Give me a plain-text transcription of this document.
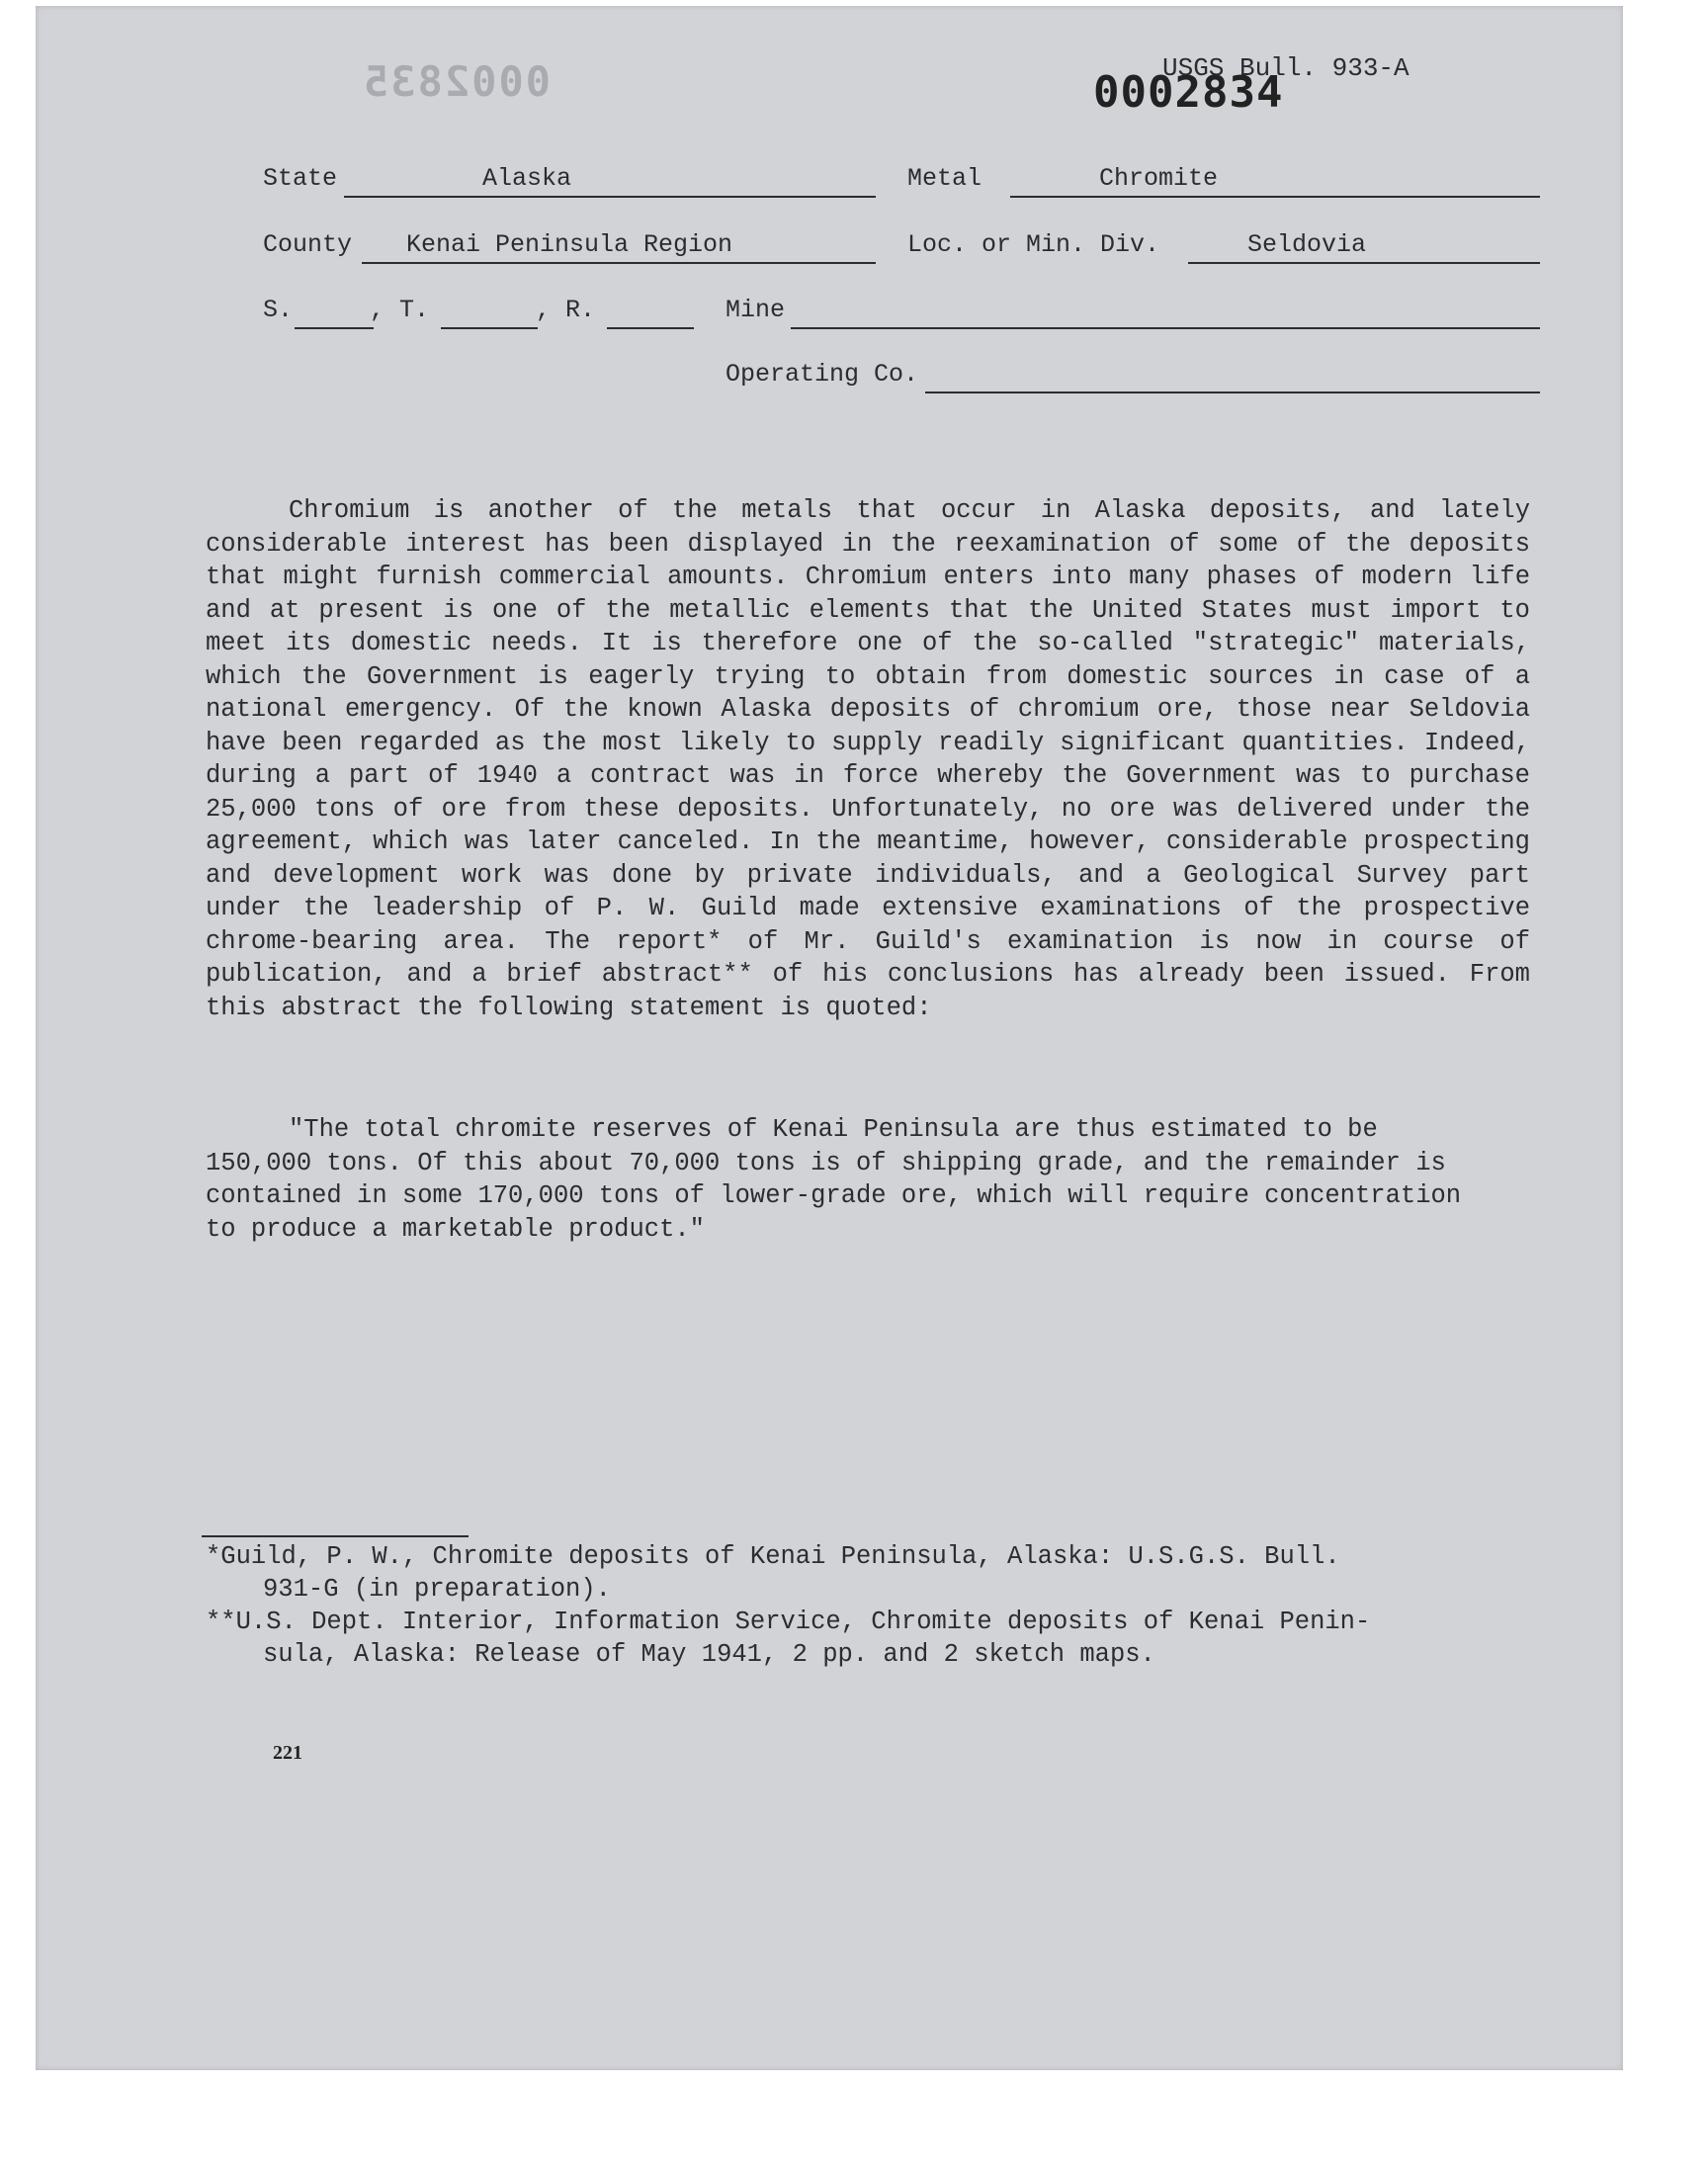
0002835	USGS Bull. 933-A
0002834
State	Alaska	Metal	Chromite
County	Kenai Peninsula Region	Loc. or Min. Div.	Seldovia
S.	, T.	, R.	Mine
Operating Co.

Chromium is another of the metals that occur in Alaska deposits, and lately considerable interest has been displayed in the reexamination of some of the deposits that might furnish commercial amounts. Chromium enters into many phases of modern life and at present is one of the metallic elements that the United States must import to meet its domestic needs. It is therefore one of the so-called "strategic" materials, which the Government is eagerly trying to obtain from domestic sources in case of a national emergency. Of the known Alaska deposits of chromium ore, those near Seldovia have been regarded as the most likely to supply readily significant quantities. Indeed, during a part of 1940 a contract was in force whereby the Government was to purchase 25,000 tons of ore from these deposits. Unfortunately, no ore was delivered under the agreement, which was later canceled. In the meantime, however, considerable prospecting and development work was done by private individuals, and a Geological Survey part under the leadership of P. W. Guild made extensive examinations of the prospective chrome-bearing area. The report* of Mr. Guild's examination is now in course of publication, and a brief abstract** of his conclusions has already been issued. From this abstract the following statement is quoted:

"The total chromite reserves of Kenai Peninsula are thus estimated to be 150,000 tons. Of this about 70,000 tons is of shipping grade, and the remainder is contained in some 170,000 tons of lower-grade ore, which will require concentration to produce a marketable product."

*Guild, P. W., Chromite deposits of Kenai Peninsula, Alaska: U.S.G.S. Bull.
931-G (in preparation).

**U.S. Dept. Interior, Information Service, Chromite deposits of Kenai Penin-
sula, Alaska: Release of May 1941, 2 pp. and 2 sketch maps.

221
